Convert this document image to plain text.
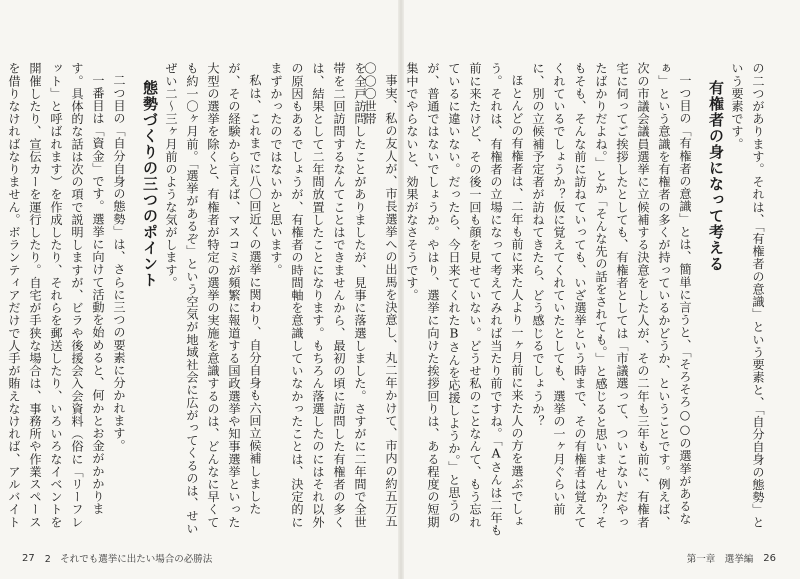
の二つがあります。それは、「有権者の意識」という要素と、「自分自身の態勢」という要素です。

有権者の身になって考える

一つ目の「有権者の意識」とは、簡単に言うと、「そろそろ○○の選挙があるなぁ」という意識を有権者の多くが持っているかどうか、ということです。例えば、次の市議会議員選挙に立候補する決意をした人が、その二年も三年も前に、有権者宅に伺ってご挨拶したとしても、有権者としては「市議選って、ついこないだやったばかりだよね。」とか「そんな先の話をされても。」と感じると思いませんか？そもそも、そんな前に訪ねていっても、いざ選挙という時まで、その有権者は覚えてくれているでしょうか？仮に覚えてくれていたとしても、選挙の一ヶ月ぐらい前に、別の立候補予定者が訪ねてきたら、どう感じるでしょうか？

ほとんどの有権者は、二年も前に来た人より一ヶ月前に来た人の方を選ぶでしょう。それは、有権者の立場になって考えてみれば当たり前ですね。「Aさんは二年も前に来たけど、その後一回も顔を見せていない。どうせ私のことなんて、もう忘れているに違いない。だったら、今日来てくれたBさんを応援しようか。」と思うのが、普通ではないでしょうか。やはり、選挙に向けた挨拶回りは、ある程度の短期集中でやらないと、効果がなさそうです。

事実、私の友人が、市長選挙への出馬を決意し、丸二年かけて、市内の約五万五〇〇〇世帯

第一章　選挙編 26

を全戸訪問したことがありましたが、見事に落選しました。さすがに二年間で全世帯を二回訪問するなんてことはできませんから、最初の頃に訪問した有権者の多くは、結果として二年間放置したことになります。もちろん落選したのにはそれ以外の原因もあるでしょうが、有権者の時間軸を意識していなかったことは、決定的にまずかったのではないかと思います。

私は、これまでに八〇回近くの選挙に関わり、自分自身も六回立候補しましたが、その経験から言えば、マスコミが頻繁に報道する国政選挙や知事選挙といった大型の選挙を除くと、有権者が特定の選挙の実施を意識するのは、どんなに早くても約一〇ヶ月前。「選挙があるぞ」という空気が地域社会に広がってくるのは、せいぜい二～三ヶ月前のような気がします。

態勢づくりの三つのポイント

二つ目の「自分自身の態勢」は、さらに三つの要素に分かれます。

一番目は「資金」です。選挙に向けて活動を始めると、何かとお金がかかります。具体的な話は次の項で説明しますが、ビラや後援会入会資料（俗に「リーフレット」と呼ばれます）を作成したり、それらを郵送したり、いろいろなイベントを開催したり、宣伝カーを運行したり。自宅が手狭な場合は、事務所や作業スペースを借りなければなりません。ボランティアだけで人手が賄えなければ、アルバイト

27 2　それでも選挙に出たい場合の必勝法
